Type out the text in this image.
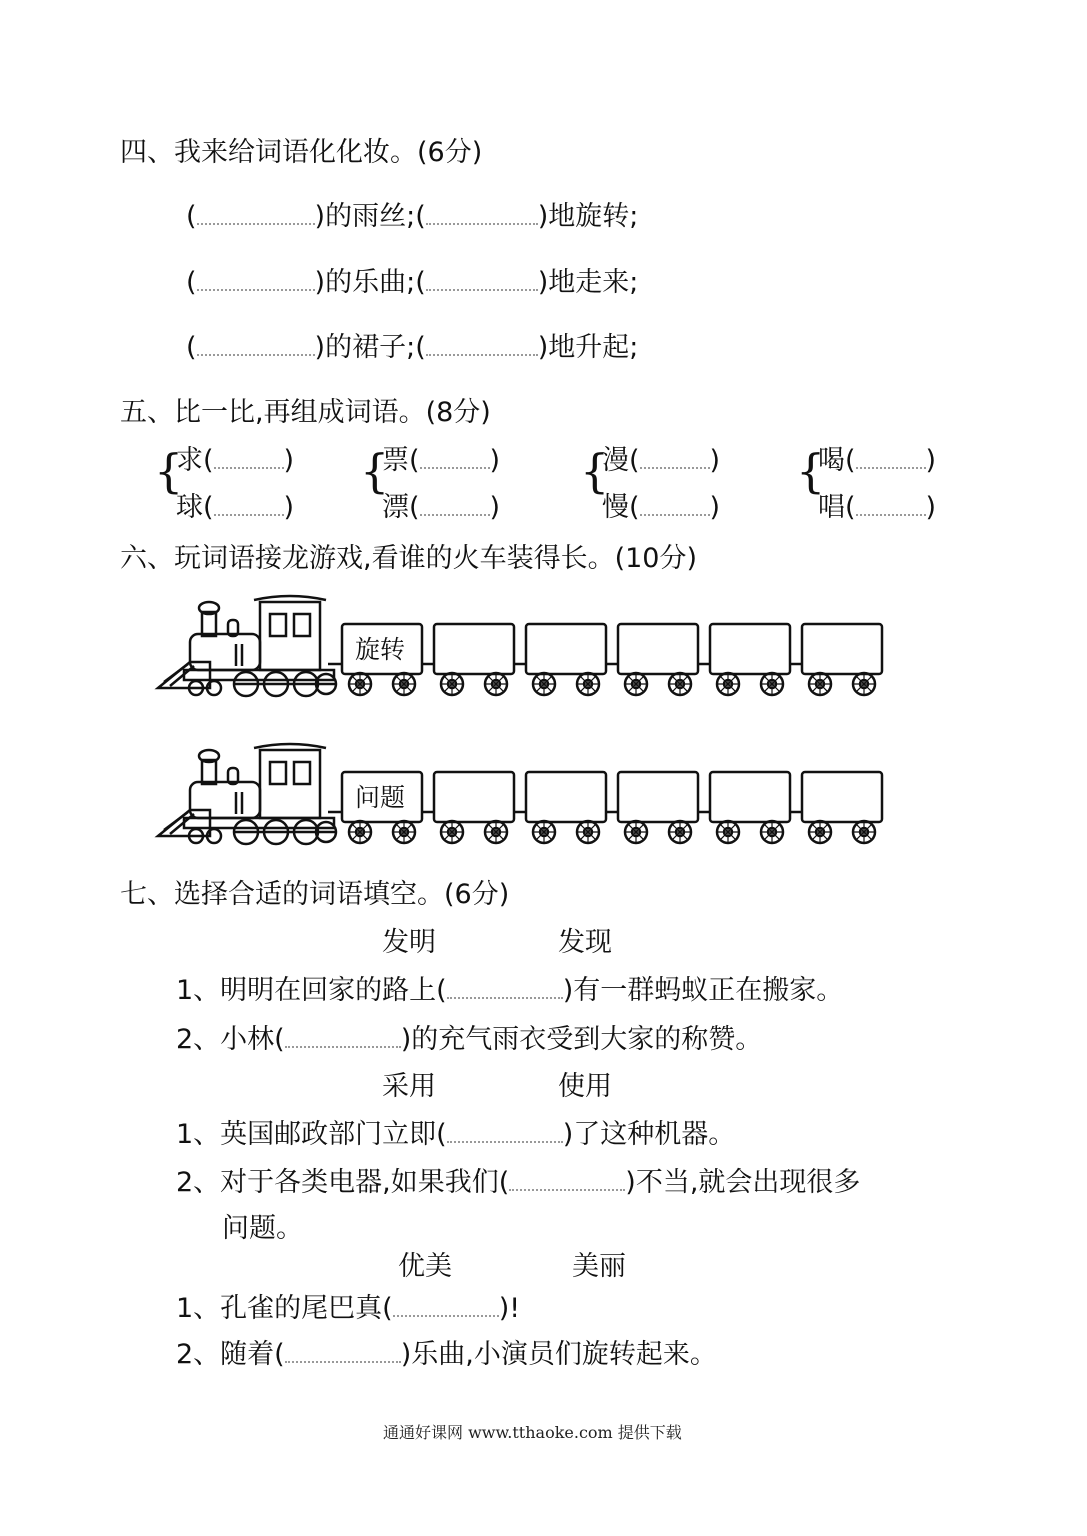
四、我来给词语化化妆。(6分)
(	)的雨丝;(	)地旋转;
(	)的乐曲;(	)地走来;
(	)的裙子;(	)地升起;
五、比一比,再组成词语。(8分)
{
求(	)
球(	)
{
票(	)
漂(	)
{
漫(	)
慢(	)
{
喝(	)
唱(	)
六、玩词语接龙游戏,看谁的火车装得长。(10分)
旋转
问题
七、选择合适的词语填空。(6分)
发明	发现
1、明明在回家的路上(	)有一群蚂蚁正在搬家。
2、小林(	)的充气雨衣受到大家的称赞。
采用	使用
1、英国邮政部门立即(	)了这种机器。
2、对于各类电器,如果我们(	)不当,就会出现很多
问题。
优美	美丽
1、孔雀的尾巴真(	)!
2、随着(	)乐曲,小演员们旋转起来。
通通好课网 www.tthaoke.com 提供下载
